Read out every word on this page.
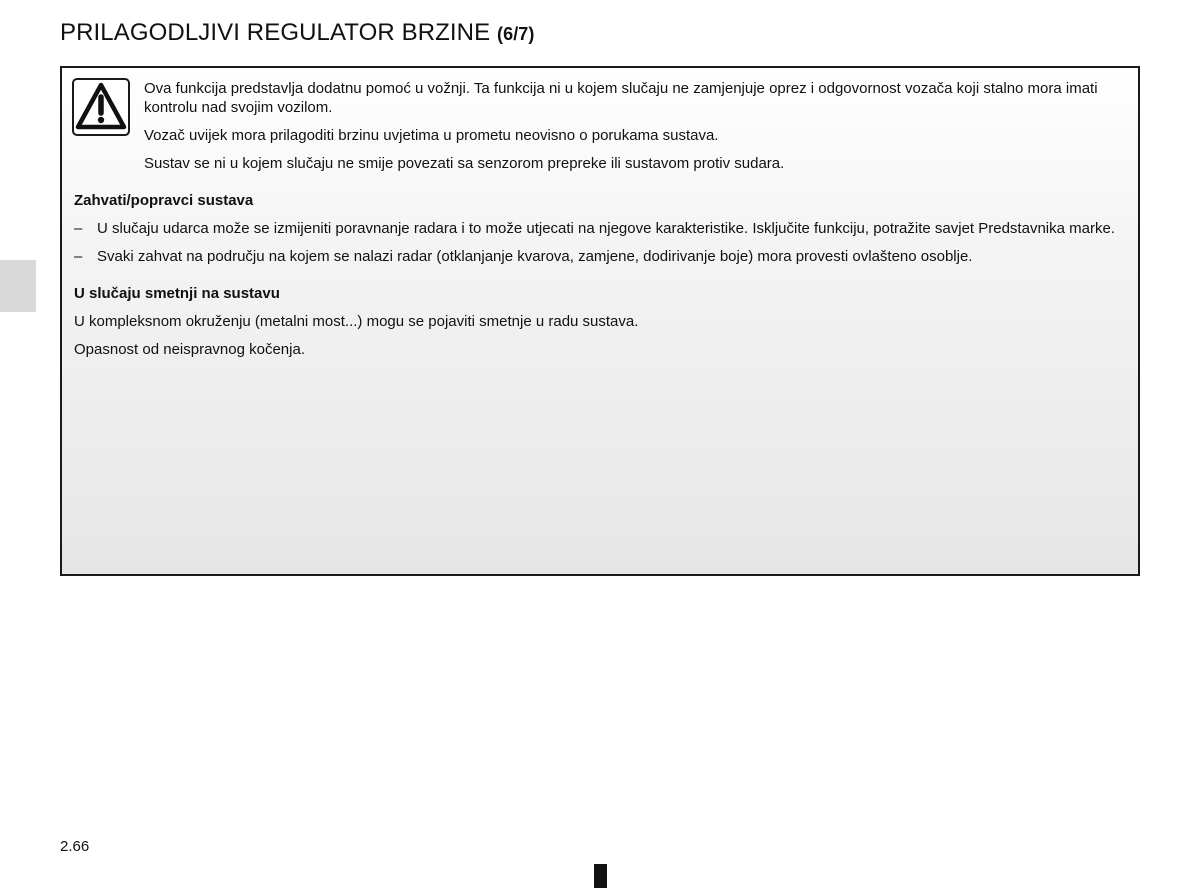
PRILAGODLJIVI REGULATOR BRZINE (6/7)

Ova funkcija predstavlja dodatnu pomoć u vožnji. Ta funkcija ni u kojem slučaju ne zamjenjuje oprez i odgovornost vozača koji stalno mora imati kontrolu nad svojim vozilom.

Vozač uvijek mora prilagoditi brzinu uvjetima u prometu neovisno o porukama sustava.

Sustav se ni u kojem slučaju ne smije povezati sa senzorom prepreke ili sustavom protiv sudara.

Zahvati/popravci sustava

– U slučaju udarca može se izmijeniti poravnanje radara i to može utjecati na njegove karakteristike. Isključite funkciju, potražite savjet Predstavnika marke.
– Svaki zahvat na području na kojem se nalazi radar (otklanjanje kvarova, zamjene, dodirivanje boje) mora provesti ovlašteno osoblje.

U slučaju smetnji na sustavu

U kompleksnom okruženju (metalni most...) mogu se pojaviti smetnje u radu sustava.

Opasnost od neispravnog kočenja.

2.66
